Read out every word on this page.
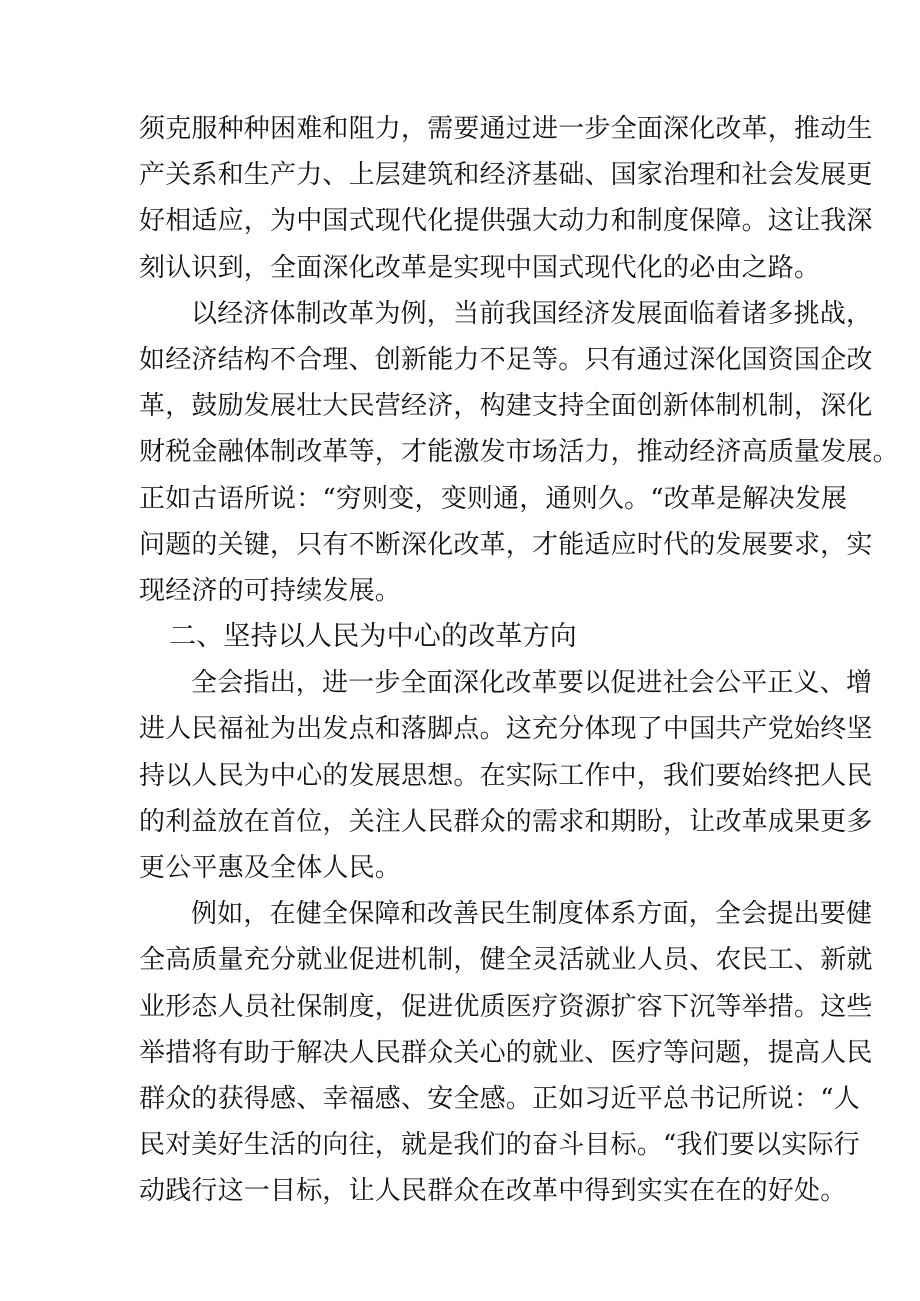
须克服种种困难和阻力，需要通过进一步全面深化改革，推动生
产关系和生产力、上层建筑和经济基础、国家治理和社会发展更
好相适应，为中国式现代化提供强大动力和制度保障。这让我深
刻认识到，全面深化改革是实现中国式现代化的必由之路。
以经济体制改革为例，当前我国经济发展面临着诸多挑战，
如经济结构不合理、创新能力不足等。只有通过深化国资国企改
革，鼓励发展壮大民营经济，构建支持全面创新体制机制，深化
财税金融体制改革等，才能激发市场活力，推动经济高质量发展。
正如古语所说：“穷则变，变则通，通则久。“改革是解决发展
问题的关键，只有不断深化改革，才能适应时代的发展要求，实
现经济的可持续发展。
二、坚持以人民为中心的改革方向
全会指出，进一步全面深化改革要以促进社会公平正义、增
进人民福祉为出发点和落脚点。这充分体现了中国共产党始终坚
持以人民为中心的发展思想。在实际工作中，我们要始终把人民
的利益放在首位，关注人民群众的需求和期盼，让改革成果更多
更公平惠及全体人民。
例如，在健全保障和改善民生制度体系方面，全会提出要健
全高质量充分就业促进机制，健全灵活就业人员、农民工、新就
业形态人员社保制度，促进优质医疗资源扩容下沉等举措。这些
举措将有助于解决人民群众关心的就业、医疗等问题，提高人民
群众的获得感、幸福感、安全感。正如习近平总书记所说：“人
民对美好生活的向往，就是我们的奋斗目标。“我们要以实际行
动践行这一目标，让人民群众在改革中得到实实在在的好处。
